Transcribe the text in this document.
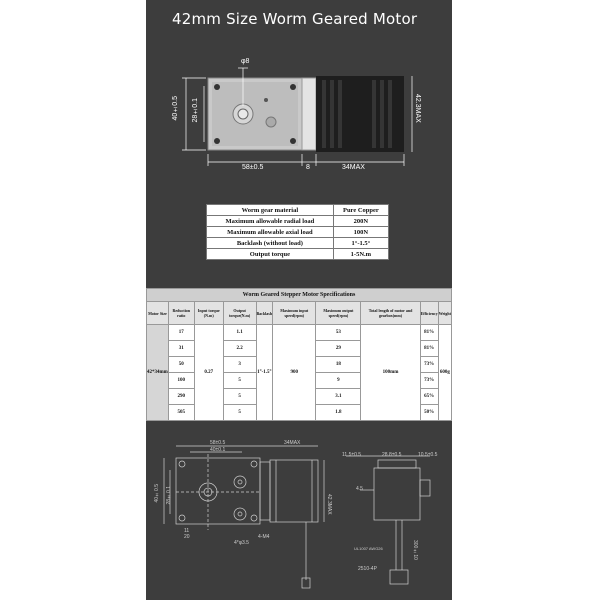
42mm Size Worm Geared Motor
φ8
40±0.5 28±0.1
58±0.5	8	34MAX
42.3MAX
Worm gear material	Pure Copper
Maximum allowable radial load	200N
Maximum allowable axial load	100N
Backlash (without load)	1°-1.5°
Output torque	1-5N.m
Worm Geared Stepper Motor Specifications									
Motor Size	Reduction ratio	Input torque (N.m)	Output torque(N.m)	Backlash	Maximum input speed(rpm)	Maximum output speed(rpm)	Total length of motor and gearbox(mm)	Efficiency	Weight
42*34mm	17	0.27	1.1	1°-1.5°	900	53	100mm	81%	600g
	31		2.2			29		81%	
	50		3			18		73%	
	100		5			9		73%	
	290		5			3.1		65%	
	505		5			1.8		50%	
58±0.5	34MAX
40±0.1
40±0.5 28±0.1
11
20	4-M4
4*φ3.5
42.3MAX
11.5±0.5	28.8±0.5	10.5±0.5
4.5
UL1007 AWG26	300±10
2510-4P
